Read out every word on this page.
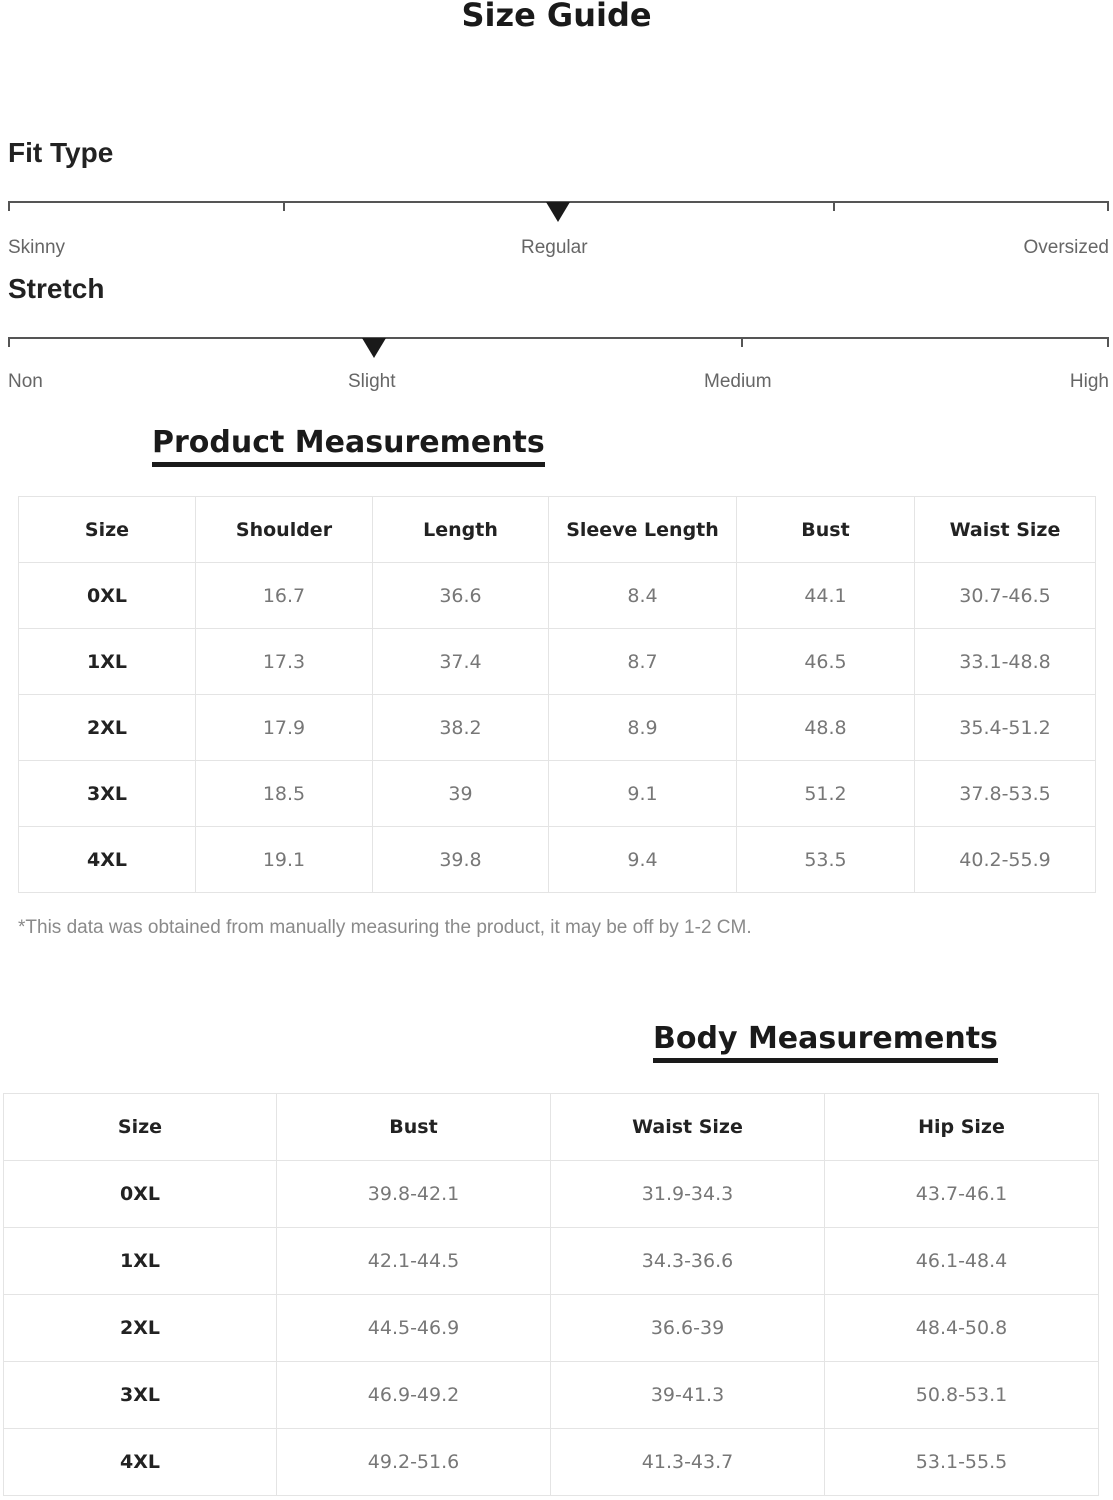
Size Guide
Fit Type
Skinny	Regular	Oversized
Stretch
Non	Slight	Medium	High
Product Measurements
Size	Shoulder	Length	Sleeve Length	Bust	Waist Size
0XL	16.7	36.6	8.4	44.1	30.7-46.5
1XL	17.3	37.4	8.7	46.5	33.1-48.8
2XL	17.9	38.2	8.9	48.8	35.4-51.2
3XL	18.5	39	9.1	51.2	37.8-53.5
4XL	19.1	39.8	9.4	53.5	40.2-55.9
*This data was obtained from manually measuring the product, it may be off by 1-2 CM.
Body Measurements
Size	Bust	Waist Size	Hip Size
0XL	39.8-42.1	31.9-34.3	43.7-46.1
1XL	42.1-44.5	34.3-36.6	46.1-48.4
2XL	44.5-46.9	36.6-39	48.4-50.8
3XL	46.9-49.2	39-41.3	50.8-53.1
4XL	49.2-51.6	41.3-43.7	53.1-55.5
